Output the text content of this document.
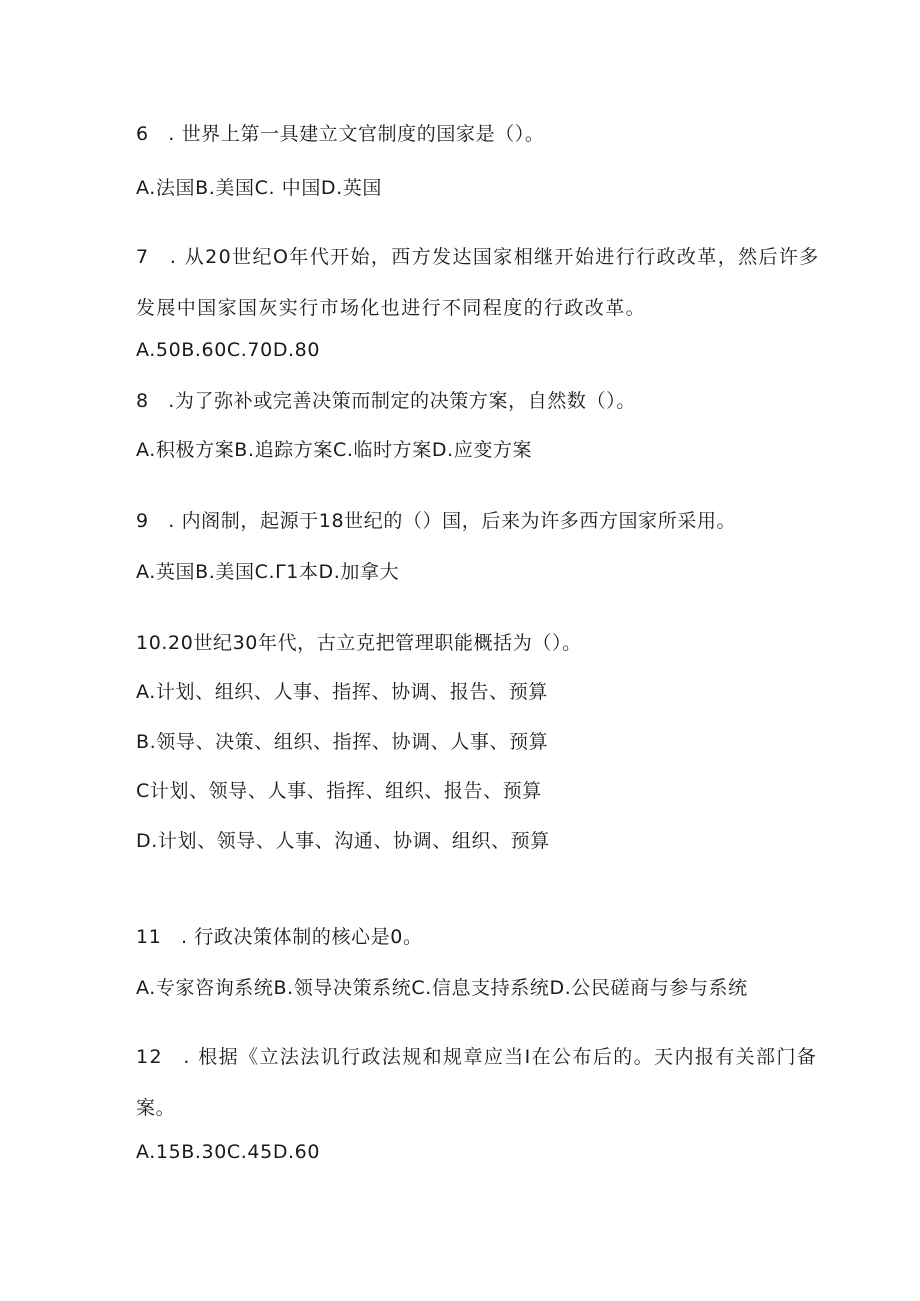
6　. 世界上第一具建立文官制度的国家是（）。
A.法国B.美国C. 中国D.英国
7　. 从20世纪O年代开始，西方发达国家相继开始进行行政改革，然后许多
发展中国家国灰实行市场化也进行不同程度的行政改革。
A.50B.60C.70D.80
8　.为了弥补或完善决策而制定的决策方案，自然数（）。
A.积极方案B.追踪方案C.临时方案D.应变方案
9　. 内阁制，起源于18世纪的（）国，后来为许多西方国家所采用。
A.英国B.美国C.Γ1本D.加拿大
10.20世纪30年代，古立克把管理职能概括为（）。
A.计划、组织、人事、指挥、协调、报告、预算
B.领导、决策、组织、指挥、协调、人事、预算
C计划、领导、人事、指挥、组织、报告、预算
D.计划、领导、人事、沟通、协调、组织、预算
11　. 行政决策体制的核心是0。
A.专家咨询系统B.领导决策系统C.信息支持系统D.公民磋商与参与系统
12　. 根据《立法法讥行政法规和规章应当I在公布后的。天内报有关部门备
案。
A.15B.30C.45D.60
